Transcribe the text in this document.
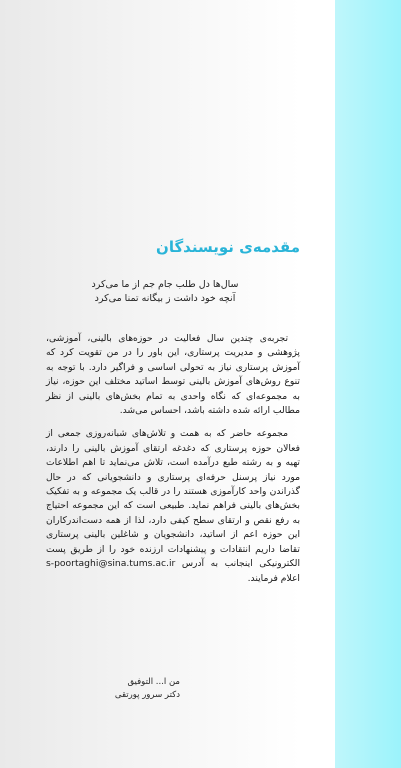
مقدمه‌ی نویسندگان
سال‌ها دل طلب جام جم از ما می‌کرد
آنچه خود داشت ز بیگانه تمنا می‌کرد

تجربه‌ی چندین سال فعالیت در حوزه‌های بالینی، آموزشی، پژوهشی و مدیریت پرستاری، این باور را در من تقویت کرد که آموزش پرستاری نیاز به تحولی اساسی و فراگیر دارد. با توجه به تنوع روش‌های آموزش بالینی توسط اساتید مختلف این حوزه، نیاز به مجموعه‌ای که نگاه واحدی به تمام بخش‌های بالینی از نظر مطالب ارائه شده داشته باشد، احساس می‌شد.

مجموعه حاضر که به همت و تلاش‌های شبانه‌روزی جمعی از فعالان حوزه پرستاری که دغدغه ارتقای آموزش بالینی را دارند، تهیه و به رشته طبع درآمده است، تلاش می‌نماید تا اهم اطلاعات مورد نیاز پرسنل حرفه‌ای پرستاری و دانشجویانی که در حال گذراندن واحد کارآموزی هستند را در قالب یک مجموعه و به تفکیک بخش‌های بالینی فراهم نماید. طبیعی است که این مجموعه احتیاج به رفع نقص و ارتقای سطح کیفی دارد، لذا از همه دست‌اندرکاران این حوزه اعم از اساتید، دانشجویان و شاغلین بالینی پرستاری تقاضا داریم انتقادات و پیشنهادات ارزنده خود را از طریق پست الکترونیکی اینجانب به آدرس s-poortaghi@sina.tums.ac.ir اعلام فرمایند.

من ا... التوفیق
دکتر سرور پورتقی
